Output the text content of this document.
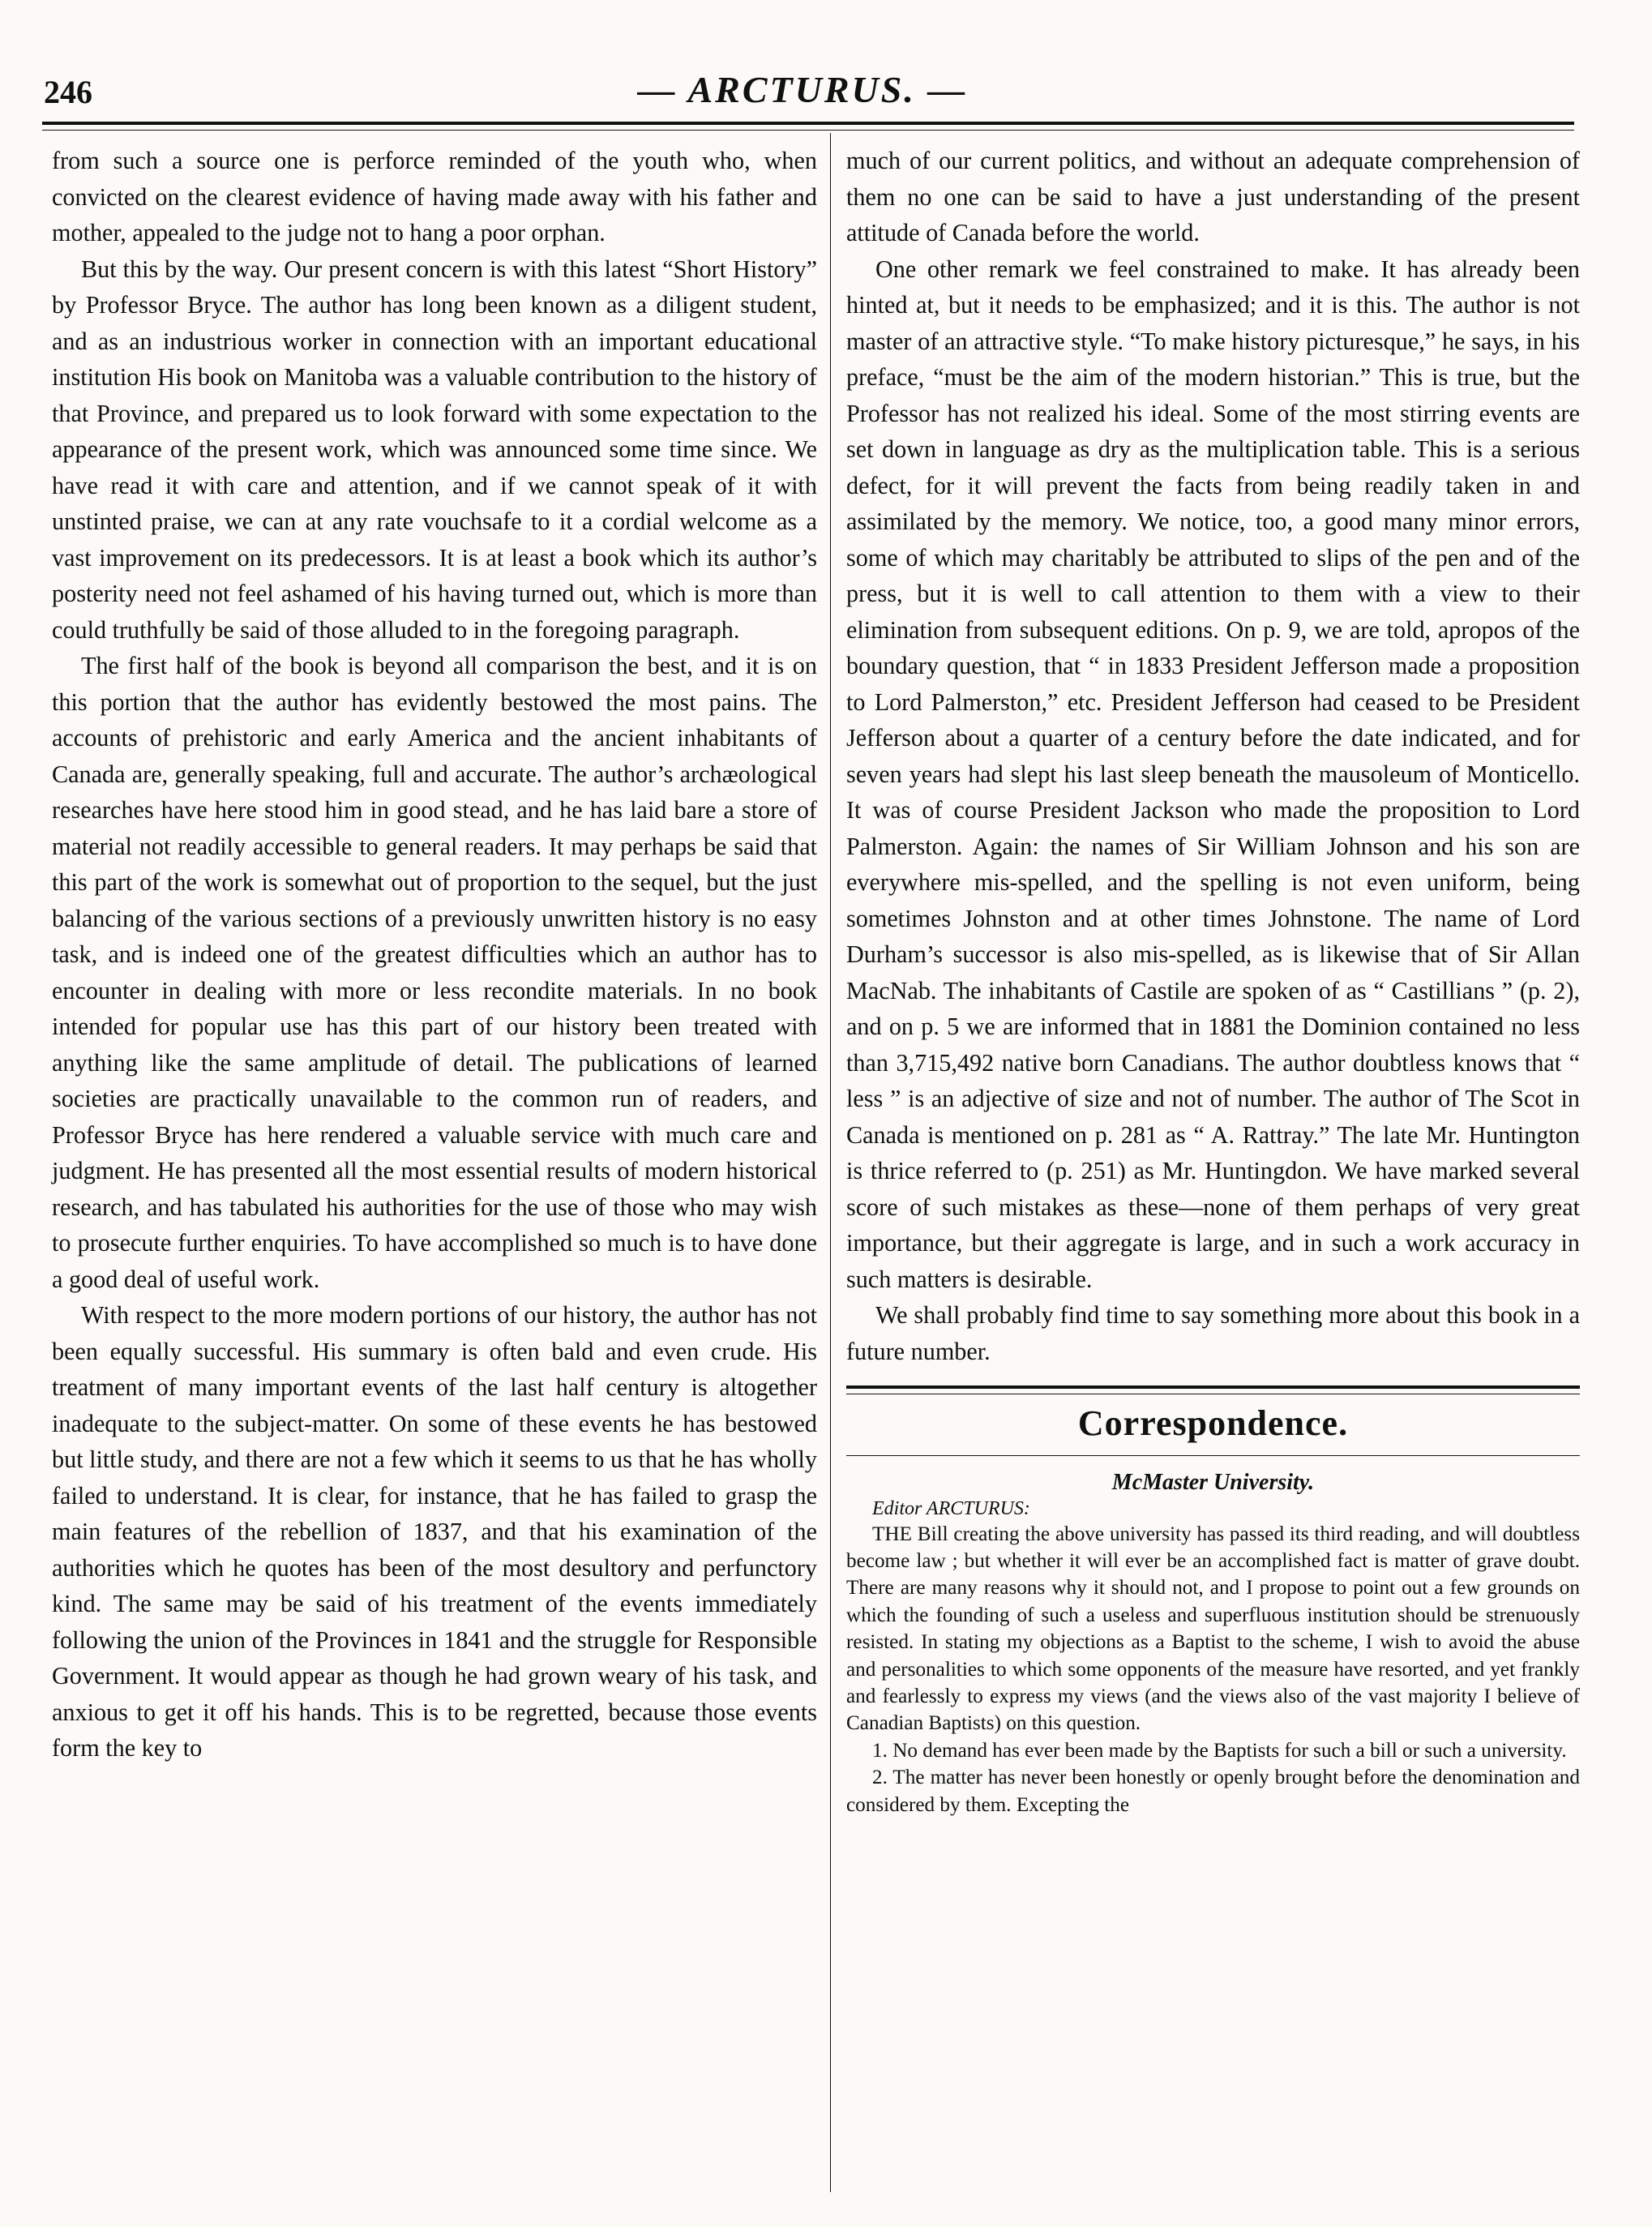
246	— ARCTURUS. —

from such a source one is perforce reminded of the youth who, when convicted on the clearest evidence of having made away with his father and mother, appealed to the judge not to hang a poor orphan.

But this by the way. Our present concern is with this latest “Short History” by Professor Bryce. The author has long been known as a diligent student, and as an industrious worker in connection with an important educational institution His book on Manitoba was a valuable contribution to the history of that Province, and prepared us to look forward with some expectation to the appearance of the present work, which was announced some time since. We have read it with care and attention, and if we cannot speak of it with unstinted praise, we can at any rate vouchsafe to it a cordial welcome as a vast improvement on its predecessors. It is at least a book which its author’s posterity need not feel ashamed of his having turned out, which is more than could truthfully be said of those alluded to in the foregoing paragraph.

The first half of the book is beyond all comparison the best, and it is on this portion that the author has evidently bestowed the most pains. The accounts of prehistoric and early America and the ancient inhabitants of Canada are, generally speaking, full and accurate. The author’s archæological researches have here stood him in good stead, and he has laid bare a store of material not readily accessible to general readers. It may perhaps be said that this part of the work is somewhat out of proportion to the sequel, but the just balancing of the various sections of a previously unwritten history is no easy task, and is indeed one of the greatest difficulties which an author has to encounter in dealing with more or less recondite materials. In no book intended for popular use has this part of our history been treated with anything like the same amplitude of detail. The publications of learned societies are practically unavailable to the common run of readers, and Professor Bryce has here rendered a valuable service with much care and judgment. He has presented all the most essential results of modern historical research, and has tabulated his authorities for the use of those who may wish to prosecute further enquiries. To have accomplished so much is to have done a good deal of useful work.

With respect to the more modern portions of our history, the author has not been equally successful. His summary is often bald and even crude. His treatment of many important events of the last half century is altogether inadequate to the subject-matter. On some of these events he has bestowed but little study, and there are not a few which it seems to us that he has wholly failed to understand. It is clear, for instance, that he has failed to grasp the main features of the rebellion of 1837, and that his examination of the authorities which he quotes has been of the most desultory and perfunctory kind. The same may be said of his treatment of the events immediately following the union of the Provinces in 1841 and the struggle for Responsible Government. It would appear as though he had grown weary of his task, and anxious to get it off his hands. This is to be regretted, because those events form the key to

much of our current politics, and without an adequate comprehension of them no one can be said to have a just understanding of the present attitude of Canada before the world.

One other remark we feel constrained to make. It has already been hinted at, but it needs to be emphasized; and it is this. The author is not master of an attractive style. “To make history picturesque,” he says, in his preface, “must be the aim of the modern historian.” This is true, but the Professor has not realized his ideal. Some of the most stirring events are set down in language as dry as the multiplication table. This is a serious defect, for it will prevent the facts from being readily taken in and assimilated by the memory. We notice, too, a good many minor errors, some of which may charitably be attributed to slips of the pen and of the press, but it is well to call attention to them with a view to their elimination from subsequent editions. On p. 9, we are told, apropos of the boundary question, that “ in 1833 President Jefferson made a proposition to Lord Palmerston,” etc. President Jefferson had ceased to be President Jefferson about a quarter of a century before the date indicated, and for seven years had slept his last sleep beneath the mausoleum of Monticello. It was of course President Jackson who made the proposition to Lord Palmerston. Again: the names of Sir William Johnson and his son are everywhere mis-spelled, and the spelling is not even uniform, being sometimes Johnston and at other times Johnstone. The name of Lord Durham’s successor is also mis-spelled, as is likewise that of Sir Allan MacNab. The inhabitants of Castile are spoken of as “ Castillians ” (p. 2), and on p. 5 we are informed that in 1881 the Dominion contained no less than 3,715,492 native born Canadians. The author doubtless knows that “ less ” is an adjective of size and not of number. The author of The Scot in Canada is mentioned on p. 281 as “ A. Rattray.” The late Mr. Huntington is thrice referred to (p. 251) as Mr. Huntingdon. We have marked several score of such mistakes as these—none of them perhaps of very great importance, but their aggregate is large, and in such a work accuracy in such matters is desirable.

We shall probably find time to say something more about this book in a future number.

Correspondence.
McMaster University.

Editor ARCTURUS:

THE Bill creating the above university has passed its third reading, and will doubtless become law ; but whether it will ever be an accomplished fact is matter of grave doubt. There are many reasons why it should not, and I propose to point out a few grounds on which the founding of such a useless and superfluous institution should be strenuously resisted. In stating my objections as a Baptist to the scheme, I wish to avoid the abuse and personalities to which some opponents of the measure have resorted, and yet frankly and fearlessly to express my views (and the views also of the vast majority I believe of Canadian Baptists) on this question.

1. No demand has ever been made by the Baptists for such a bill or such a university.

2. The matter has never been honestly or openly brought before the denomination and considered by them. Excepting the
